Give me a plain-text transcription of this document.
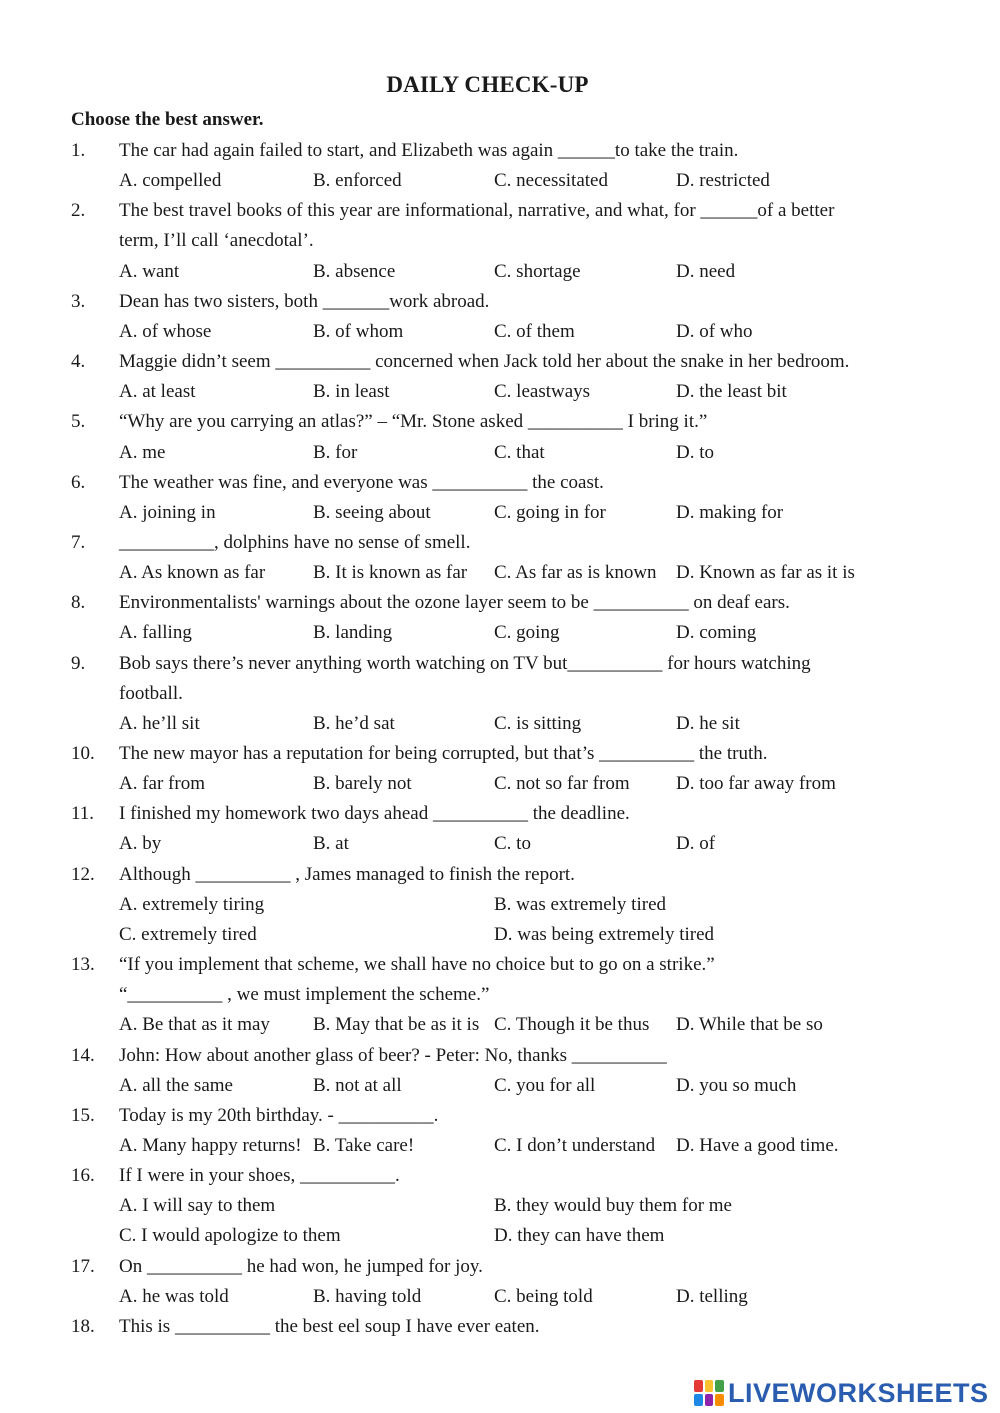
DAILY CHECK-UP
Choose the best answer.
1. The car had again failed to start, and Elizabeth was again ______to take the train.
A. compelled	B. enforced	C. necessitated	D. restricted
2. The best travel books of this year are informational, narrative, and what, for ______of a better
term, I’ll call ‘anecdotal’.
A. want	B. absence	C. shortage	D. need
3. Dean has two sisters, both _______work abroad.
A. of whose	B. of whom	C. of them	D. of who
4. Maggie didn’t seem __________ concerned when Jack told her about the snake in her bedroom.
A. at least	B. in least	C. leastways	D. the least bit
5. “Why are you carrying an atlas?” – “Mr. Stone asked __________ I bring it.”
A. me	B. for	C. that	D. to
6. The weather was fine, and everyone was __________ the coast.
A. joining in	B. seeing about	C. going in for	D. making for
7. __________, dolphins have no sense of smell.
A. As known as far	B. It is known as far C. As far as is known D. Known as far as it is
8. Environmentalists' warnings about the ozone layer seem to be __________ on deaf ears.
A. falling	B. landing	C. going	D. coming
9. Bob says there’s never anything worth watching on TV but__________ for hours watching
football.
A. he’ll sit	B. he’d sat	C. is sitting	D. he sit
10. The new mayor has a reputation for being corrupted, but that’s __________ the truth.
A. far from	B. barely not	C. not so far from D. too far away from
11. I finished my homework two days ahead __________ the deadline.
A. by	B. at	C. to	D. of
12. Although __________ , James managed to finish the report.
A. extremely tiring	B. was extremely tired
C. extremely tired	D. was being extremely tired
13. “If you implement that scheme, we shall have no choice but to go on a strike.”
“__________ , we must implement the scheme.”
A. Be that as it may B. May that be as it is C. Though it be thus D. While that be so
14. John: How about another glass of beer? - Peter: No, thanks __________
A. all the same	B. not at all	C. you for all	D. you so much
15. Today is my 20th birthday. - __________.
A. Many happy returns! B. Take care!	C. I don’t understand D. Have a good time.
16. If I were in your shoes, __________.
A. I will say to them	B. they would buy them for me
C. I would apologize to them	D. they can have them
17. On __________ he had won, he jumped for joy.
A. he was told	B. having told	C. being told	D. telling
18. This is __________ the best eel soup I have ever eaten.
LIVEWORKSHEETS
